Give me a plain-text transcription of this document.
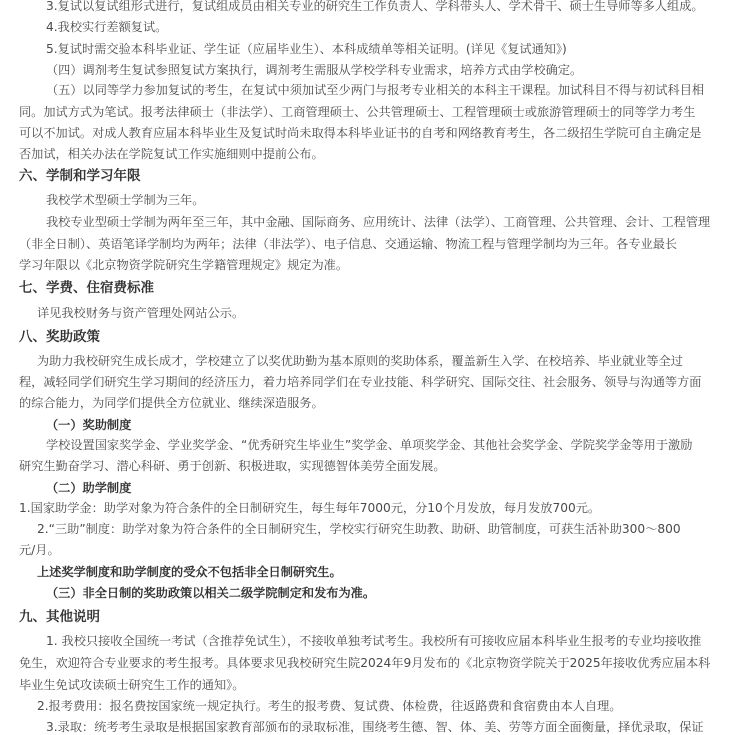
3.复试以复试组形式进行，复试组成员由相关专业的研究生工作负责人、学科带头人、学术骨干、硕士生导师等多人组成。
4.我校实行差额复试。
5.复试时需交验本科毕业证、学生证（应届毕业生）、本科成绩单等相关证明。(详见《复试通知》)
（四）调剂考生复试参照复试方案执行，调剂考生需服从学校学科专业需求，培养方式由学校确定。
（五）以同等学力参加复试的考生，在复试中须加试至少两门与报考专业相关的本科主干课程。加试科目不得与初试科目相
同。加试方式为笔试。报考法律硕士（非法学）、工商管理硕士、公共管理硕士、工程管理硕士或旅游管理硕士的同等学力考生
可以不加试。对成人教育应届本科毕业生及复试时尚未取得本科毕业证书的自考和网络教育考生，各二级招生学院可自主确定是
否加试，相关办法在学院复试工作实施细则中提前公布。
六、学制和学习年限
我校学术型硕士学制为三年。
我校专业型硕士学制为两年至三年，其中金融、国际商务、应用统计、法律（法学）、工商管理、公共管理、会计、工程管理
（非全日制）、英语笔译学制均为两年；法律（非法学）、电子信息、交通运输、物流工程与管理学制均为三年。各专业最长
学习年限以《北京物资学院研究生学籍管理规定》规定为准。
七、学费、住宿费标准
详见我校财务与资产管理处网站公示。
八、奖助政策
为助力我校研究生成长成才，学校建立了以奖优助勤为基本原则的奖助体系，覆盖新生入学、在校培养、毕业就业等全过
程，减轻同学们研究生学习期间的经济压力，着力培养同学们在专业技能、科学研究、国际交往、社会服务、领导与沟通等方面
的综合能力，为同学们提供全方位就业、继续深造服务。
（一）奖助制度
学校设置国家奖学金、学业奖学金、“优秀研究生毕业生”奖学金、单项奖学金、其他社会奖学金、学院奖学金等用于激励
研究生勤奋学习、潜心科研、勇于创新、积极进取，实现德智体美劳全面发展。
（二）助学制度
1.国家助学金：助学对象为符合条件的全日制研究生，每生每年7000元，分10个月发放，每月发放700元。
2.“三助”制度：助学对象为符合条件的全日制研究生，学校实行研究生助教、助研、助管制度，可获生活补助300～800
元/月。
上述奖学制度和助学制度的受众不包括非全日制研究生。
（三）非全日制的奖助政策以相关二级学院制定和发布为准。
九、其他说明
1. 我校只接收全国统一考试（含推荐免试生），不接收单独考试考生。我校所有可接收应届本科毕业生报考的专业均接收推
免生，欢迎符合专业要求的考生报考。具体要求见我校研究生院2024年9月发布的《北京物资学院关于2025年接收优秀应届本科
毕业生免试攻读硕士研究生工作的通知》。
2.报考费用：报名费按国家统一规定执行。考生的报考费、复试费、体检费，往返路费和食宿费由本人自理。
3.录取：统考考生录取是根据国家教育部颁布的录取标准，围绕考生德、智、体、美、劳等方面全面衡量，择优录取，保证
